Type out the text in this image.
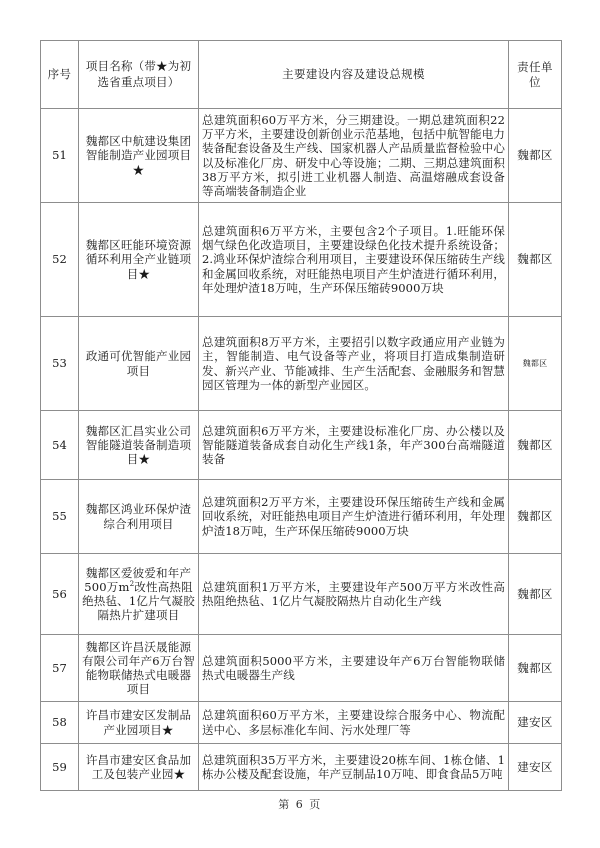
序号	项目名称（带★为初选省重点项目）	主要建设内容及建设总规模	责任单位
51	魏都区中航建设集团智能制造产业园项目★	总建筑面积60万平方米，分三期建设。一期总建筑面积22万平方米，主要建设创新创业示范基地，包括中航智能电力装备配套设备及生产线、国家机器人产品质量监督检验中心以及标准化厂房、研发中心等设施；二期、三期总建筑面积38万平方米，拟引进工业机器人制造、高温熔融成套设备等高端装备制造企业	魏都区
52	魏都区旺能环境资源循环利用全产业链项目★	总建筑面积6万平方米，主要包含2个子项目。1.旺能环保烟气绿色化改造项目，主要建设绿色化技术提升系统设备；2.鸿业环保炉渣综合利用项目，主要建设环保压缩砖生产线和金属回收系统，对旺能热电项目产生炉渣进行循环利用，年处理炉渣18万吨，生产环保压缩砖9000万块	魏都区
53	政通可优智能产业园项目	总建筑面积8万平方米，主要招引以数字政通应用产业链为主，智能制造、电气设备等产业，将项目打造成集制造研发、新兴产业、节能减排、生产生活配套、金融服务和智慧园区管理为一体的新型产业园区。	魏都区
54	魏都区汇昌实业公司智能隧道装备制造项目★	总建筑面积6万平方米，主要建设标准化厂房、办公楼以及智能隧道装备成套自动化生产线1条，年产300台高端隧道装备	魏都区
55	魏都区鸿业环保炉渣综合利用项目	总建筑面积2万平方米，主要建设环保压缩砖生产线和金属回收系统，对旺能热电项目产生炉渣进行循环利用，年处理炉渣18万吨，生产环保压缩砖9000万块	魏都区
56	魏都区爱彼爱和年产500万$m^2$改性高热阻绝热毡、1亿片气凝胶隔热片扩建项目	总建筑面积1万平方米，主要建设年产500万平方米改性高热阻绝热毡、1亿片气凝胶隔热片自动化生产线	魏都区
57	魏都区许昌沃晟能源有限公司年产6万台智能物联储热式电暖器项目	总建筑面积5000平方米，主要建设年产6万台智能物联储热式电暖器生产线	魏都区
58	许昌市建安区发制品产业园项目★	总建筑面积60万平方米，主要建设综合服务中心、物流配送中心、多层标准化车间、污水处理厂等	建安区
59	许昌市建安区食品加工及包装产业园★	总建筑面积35万平方米，主要建设20栋车间、1栋仓储、1栋办公楼及配套设施，年产豆制品10万吨、即食食品5万吨	建安区
第 6 页
